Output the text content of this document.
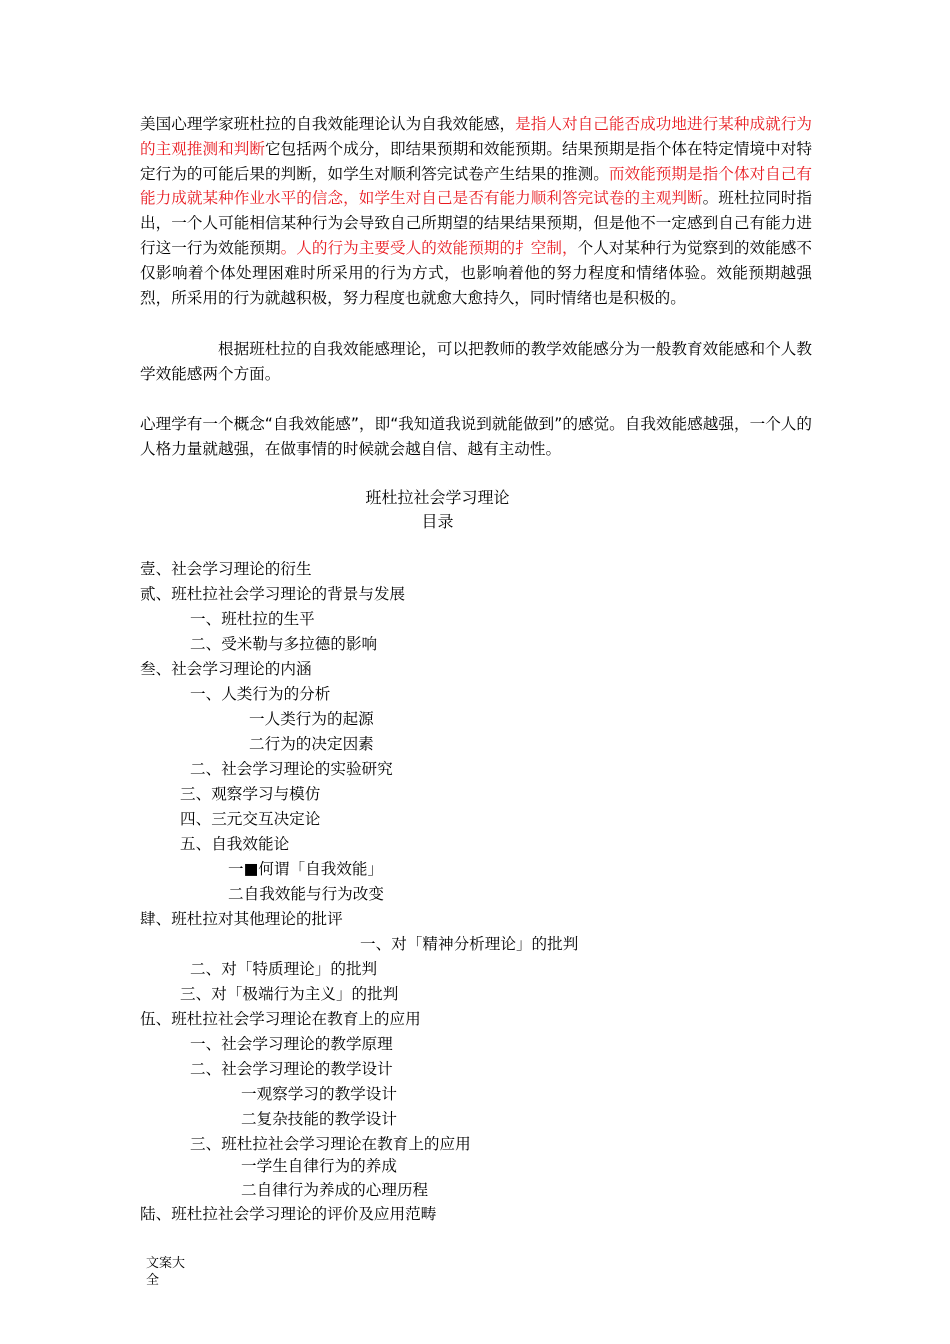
美国心理学家班杜拉的自我效能理论认为自我效能感，是指人对自己能否成功地进行某种成就行为的主观推测和判断它包括两个成分，即结果预期和效能预期。结果预期是指个体在特定情境中对特定行为的可能后果的判断，如学生对顺利答完试卷产生结果的推测。而效能预期是指个体对自己有能力成就某种作业水平的信念，如学生对自己是否有能力顺利答完试卷的主观判断。班杜拉同时指出，一个人可能相信某种行为会导致自己所期望的结果结果预期，但是他不一定感到自己有能力进行这一行为效能预期。人的行为主要受人的效能预期的扌空制，个人对某种行为觉察到的效能感不仅影响着个体处理困难时所采用的行为方式，也影响着他的努力程度和情绪体验。效能预期越强烈，所采用的行为就越积极，努力程度也就愈大愈持久，同时情绪也是积极的。

根据班杜拉的自我效能感理论，可以把教师的教学效能感分为一般教育效能感和个人教学效能感两个方面。

心理学有一个概念“自我效能感”，即“我知道我说到就能做到”的感觉。自我效能感越强，一个人的人格力量就越强，在做事情的时候就会越自信、越有主动性。

班杜拉社会学习理论
目录
壹、社会学习理论的衍生
贰、班杜拉社会学习理论的背景与发展
一、班杜拉的生平
二、受米勒与多拉德的影响
叁、社会学习理论的内涵
一、人类行为的分析
一人类行为的起源
二行为的决定因素
二、社会学习理论的实验研究
三、观察学习与模仿
四、三元交互决定论
五、自我效能论
一■何谓「自我效能」
二自我效能与行为改变
肆、班杜拉对其他理论的批评
一、对「精神分析理论」的批判
二、对「特质理论」的批判
三、对「极端行为主义」的批判
伍、班杜拉社会学习理论在教育上的应用
一、社会学习理论的教学原理
二、社会学习理论的教学设计
一观察学习的教学设计
二复杂技能的教学设计
三、班杜拉社会学习理论在教育上的应用
一学生自律行为的养成
二自律行为养成的心理历程
陆、班杜拉社会学习理论的评价及应用范畴
文案大
全
